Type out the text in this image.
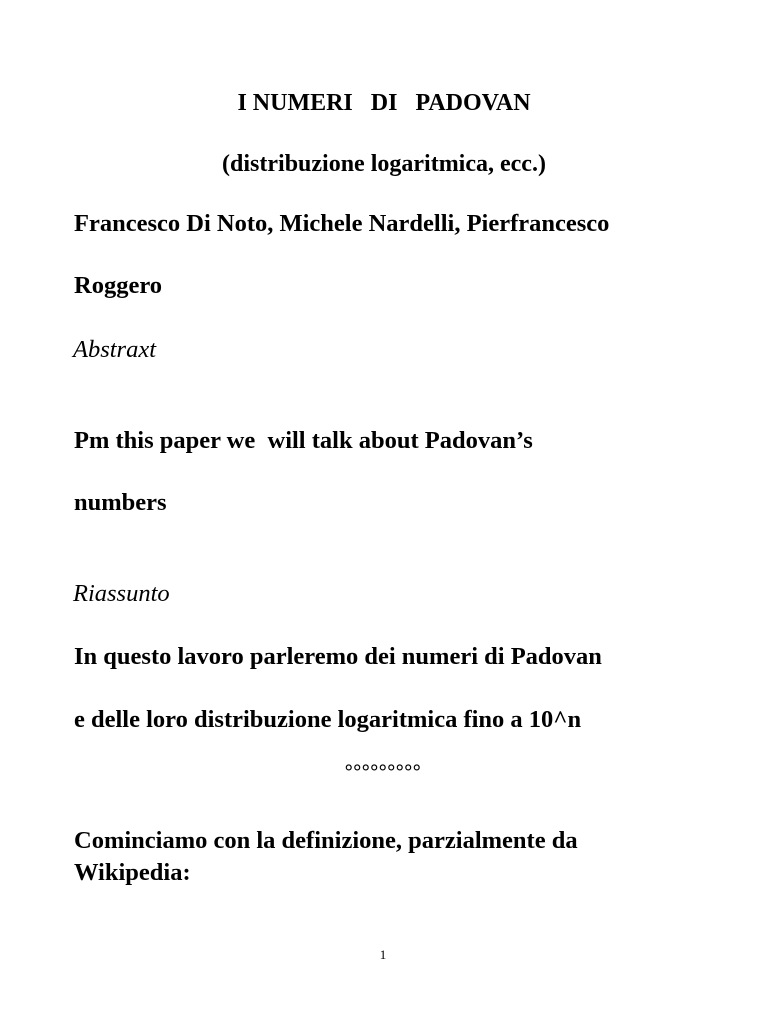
I NUMERI   DI   PADOVAN
(distribuzione logaritmica, ecc.)

Francesco Di Noto, Michele Nardelli, Pierfrancesco

Roggero

Abstraxt

Pm this paper we  will talk about Padovan’s

numbers

Riassunto

In questo lavoro parleremo dei numeri di Padovan

e delle loro distribuzione logaritmica fino a 10^n

°°°°°°°°°

Cominciamo con la definizione, parzialmente da

Wikipedia:

1
